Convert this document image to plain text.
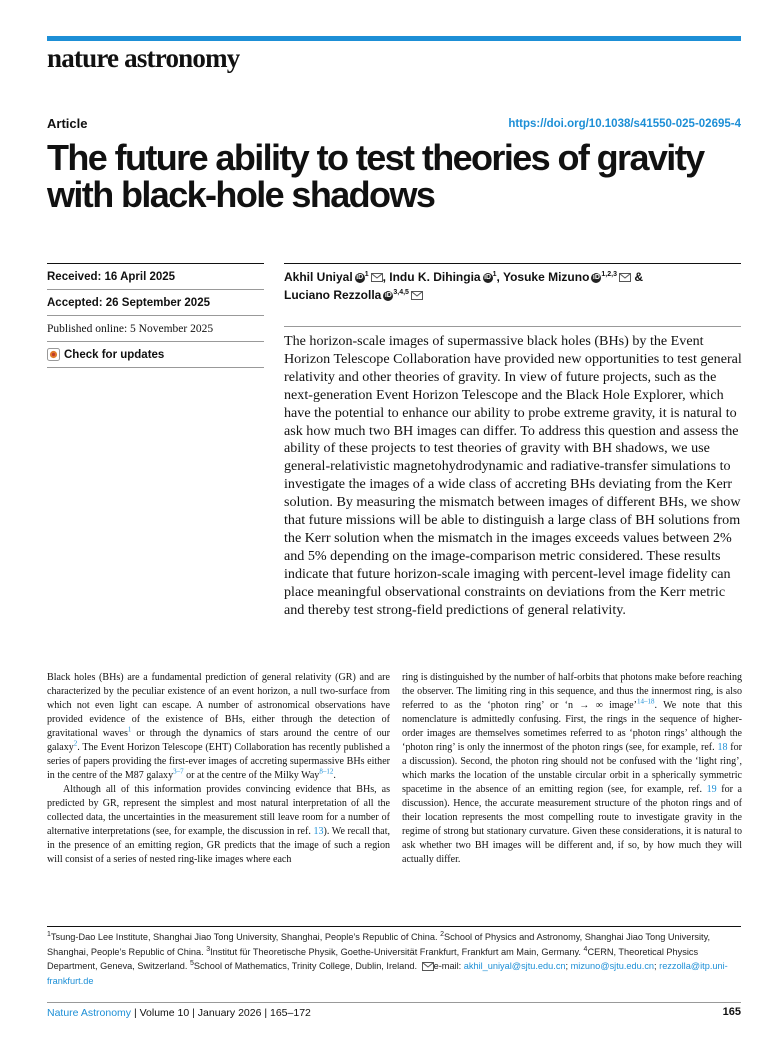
nature astronomy
Article	https://doi.org/10.1038/s41550-025-02695-4
The future ability to test theories of gravity with black-hole shadows
Received: 16 April 2025
Accepted: 26 September 2025
Published online: 5 November 2025
Check for updates
Akhil Uniyal iD $^1$ , Indu K. Dihingia iD $^1$, Yosuke Mizuno iD $^{1,2,3}$ &
Luciano Rezzolla iD $^{3,4,5}$
The horizon-scale images of supermassive black holes (BHs) by the Event Horizon Telescope Collaboration have provided new opportunities to test general relativity and other theories of gravity. In view of future projects, such as the next-generation Event Horizon Telescope and the Black Hole Explorer, which have the potential to enhance our ability to probe extreme gravity, it is natural to ask how much two BH images can differ. To address this question and assess the ability of these projects to test theories of gravity with BH shadows, we use general-relativistic magnetohydrodynamic and radiative-transfer simulations to investigate the images of a wide class of accreting BHs deviating from the Kerr solution. By measuring the mismatch between images of different BHs, we show that future missions will be able to distinguish a large class of BH solutions from the Kerr solution when the mismatch in the images exceeds values between 2% and 5% depending on the image-comparison metric considered. These results indicate that future horizon-scale imaging with percent-level image fidelity can place meaningful observational constraints on deviations from the Kerr metric and thereby test strong-field predictions of general relativity.
Black holes (BHs) are a fundamental prediction of general relativity (GR) and are characterized by the peculiar existence of an event horizon, a null two-surface from which not even light can escape. A number of astronomical observations have provided evidence of the existence of BHs, either through the detection of gravitational waves$^1$ or through the dynamics of stars around the centre of our galaxy$^2$. The Event Horizon Telescope (EHT) Collaboration has recently published a series of papers providing the first-ever images of accreting supermassive BHs either in the centre of the M87 galaxy$^{3-7}$ or at the centre of the Milky Way$^{8-12}$.
Although all of this information provides convincing evidence that BHs, as predicted by GR, represent the simplest and most natural interpretation of all the collected data, the uncertainties in the measurement still leave room for a number of alternative interpretations (see, for example, the discussion in ref. 13). We recall that, in the presence of an emitting region, GR predicts that the image of such a region will consist of a series of nested ring-like images where each
ring is distinguished by the number of half-orbits that photons make before reaching the observer. The limiting ring in this sequence, and thus the innermost ring, is also referred to as the ‘photon ring’ or ‘n → ∞ image’$^{14-18}$. We note that this nomenclature is admittedly confusing. First, the rings in the sequence of higher-order images are themselves sometimes referred to as ‘photon rings’ although the ‘photon ring’ is only the innermost of the photon rings (see, for example, ref. 18 for a discussion). Second, the photon ring should not be confused with the ‘light ring’, which marks the location of the unstable circular orbit in a spherically symmetric spacetime in the absence of an emitting region (see, for example, ref. 19 for a discussion). Hence, the accurate measurement structure of the photon rings and of their location represents the most compelling route to investigate gravity in the regime of strong but stationary curvature. Given these considerations, it is natural to ask whether two BH images will be different and, if so, by how much they will actually differ.
$^1$Tsung-Dao Lee Institute, Shanghai Jiao Tong University, Shanghai, People’s Republic of China. $^2$School of Physics and Astronomy, Shanghai Jiao Tong University, Shanghai, People’s Republic of China. $^3$Institut für Theoretische Physik, Goethe-Universität Frankfurt, Frankfurt am Main, Germany. $^4$CERN, Theoretical Physics Department, Geneva, Switzerland. $^5$School of Mathematics, Trinity College, Dublin, Ireland. e-mail: akhil_uniyal@sjtu.edu.cn; mizuno@sjtu.edu.cn; rezzolla@itp.uni-frankfurt.de
Nature Astronomy | Volume 10 | January 2026 | 165–172	165
